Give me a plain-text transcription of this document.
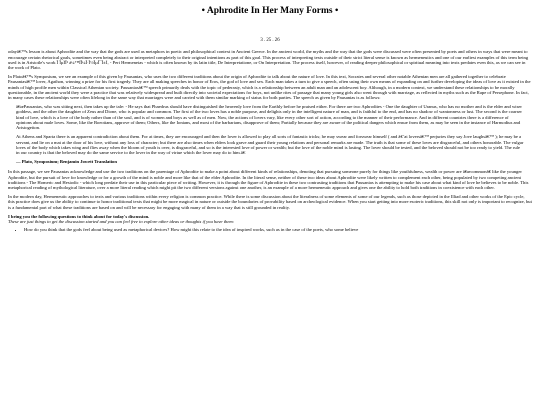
• Aphrodite In Her Many Forms •
3 . 25 . 26

odayâ€™s lesson is about Aphrodite and the way that the gods are used as metaphors in poetic and philosophical context in Ancient Greece. In the ancient world, the myths and the way that the gods were discussed were often presented by poets and others in ways that were meant to encourage certain rhetorical goals, sometimes even being abstract or interpreted completely to their original intentions as part of this goal. This process of interpreting texts outside of their strict literal sense is known as hermeneutics and one of our earliest examples of this term being used is in Aristotle's work Î ÎµÏÎ¹ á¼™ÏÎ¼Î·Î½ÎµÎ¯Î±Ï‚ - Peri Hermeneias - which is often known by its latin title, De Interpretatione, or On Interpretation. The process itself, however, of reading deeper philosophical or spiritual meaning into texts predates even this, as we can see in the work of Plato.

In Platoâ€™s Symposium, we see an example of this given by Pausanias, who uses the two different traditions about the origin of Aphrodite to talk about the nature of love. In this text, Socrates and several other notable Athenian men are all gathered together to celebrate Pausaniasâ€™ lover, Agathon, winning a prize for his first tragedy. They are all making speeches in honor of Eros, the god of love and sex. Each man takes a turn to give a speech, often using their own means of expanding on and further developing the ideas of love as it existed in the minds of high profile men within Classical Athenian society. Pausaniasâ€™ speech primarily deals with the topic of pederasty, which is a relationship between an adult man and an adolescent boy. Although, in a modern context, we understand these relationships to be morally questionable, in the ancient world they were a practice that was relatively widespread and built directly into societal expectations for boys, not unlike rites of passage that many young girls also went through with marriage, as reflected in myths such as the Rape of Persephone. In fact, in many cases these relationships were often lifelong in the same way that marriages were and carried with them similar marking of status for both parties. The speech as given by Pausanias is as follows:

â€œPausanias, who was sitting next, then takes up the tale: - He says that Phaedrus should have distinguished the heavenly love from the Earthly before he praised either. For there are two Aphrodites - One the daughter of Uranus, who has no mother and is the elder and wiser goddess, and the other the daughter of Zeus and Dione, who is popular and common. The first of the two loves has a noble purpose, and delights only in the intelligent nature of man, and is faithful to the end, and has no shadow of wantonness or lust. The second is the coarser kind of love, which is a love of the body rather than of the soul, and is of women and boys as well as of men. Now, the actions of lovers vary, like every other sort of action, according to the manner of their performance. And in different countries there is a difference of opinions about male loves. Some, like the Boeotians, approve of them; Others, like the Ionians, and most of the barbarians, disapprove of them; Partially because they are aware of the political dangers which ensue from them, as may be seen in the instance of Harmodius and Aristogeiton.

At Athens and Sparta there is an apparent contradiction about them. For at times, they are encouraged and then the lover is allowed to play all sorts of fantastic tricks; he may swear and forswear himself ( and â€˜at loversâ€™ perjuries they say Jove laughsâ€™ ); he may be a servant, and lie on a mat at the door of his love, without any loss of character; but there are also times when elders look grave and guard their young relations and personal remarks are made. The truth is that some of these loves are disgraceful, and others honorable. The vulgar loves of the body which takes wing and flies away when the bloom of youth is over, is disgraceful, and so is the interested love of power or wealth; but the love of the noble mind is lasting. The lover should be tested, and the beloved should not be too ready to yield. The rule in our country is that the beloved may do the same service to the lover in the way of virtue which the lover may do to him.â€

— Plato, Symposium; Benjamin Jowett Translation

In this passage, we see Pausanias acknowledge and use the two traditions on the parentage of Aphrodite to make a point about different kinds of relationships, denoting that pursuing someone purely for things like youthfulness, wealth or power are â€œcommonâ€ like the younger Aphrodite, but the pursuit of love for knowledge or for a growth of the mind is noble and more like that of the elder Aphrodite. In the literal sense, neither of these two ideas about Aphrodite were likely written to complement each other, being populated by two competing ancient traditions - The Homeric and Hesiodic - which long predate their use in this particular piece of writing. However, it is through the figure of Aphrodite in these two contrasting traditions that Pausanias is attempting to make his case about what kind of love he believes to be noble. This metaphorical reading of mythological literature, over a more literal reading which might pit the two different versions against one another, is an example of a more hermeneutic approach and gives one the ability to hold both traditions in coexistence with each other.

In the modern day, Hermeneutic approaches to texts and various traditions within every religion is common practice. While there is some discussion about the literalness of some elements of some of our legends, such as those depicted in the Illiad and other works of the Epic cycle, this practice does give us the ability to continue to honor traditional texts that might be more magical in nature or outside the boundaries of provability based on archeological evidence. When you start getting into more esoteric traditions, this skill not only is important to recognize, but is a fundamental part of what these traditions are based on and will be necessary for engaging with many of them in a way that is still grounded in reality.

I bring you the following questions to think about for today's discussion.
These are just things to get the discussion started and you can feel free to explore other ideas or thoughts if you have them:
• How do you think that the gods feel about being used as metaphorical devices? How might this relate to the idea of inspired works, such as in the case of the poets, who some believe
